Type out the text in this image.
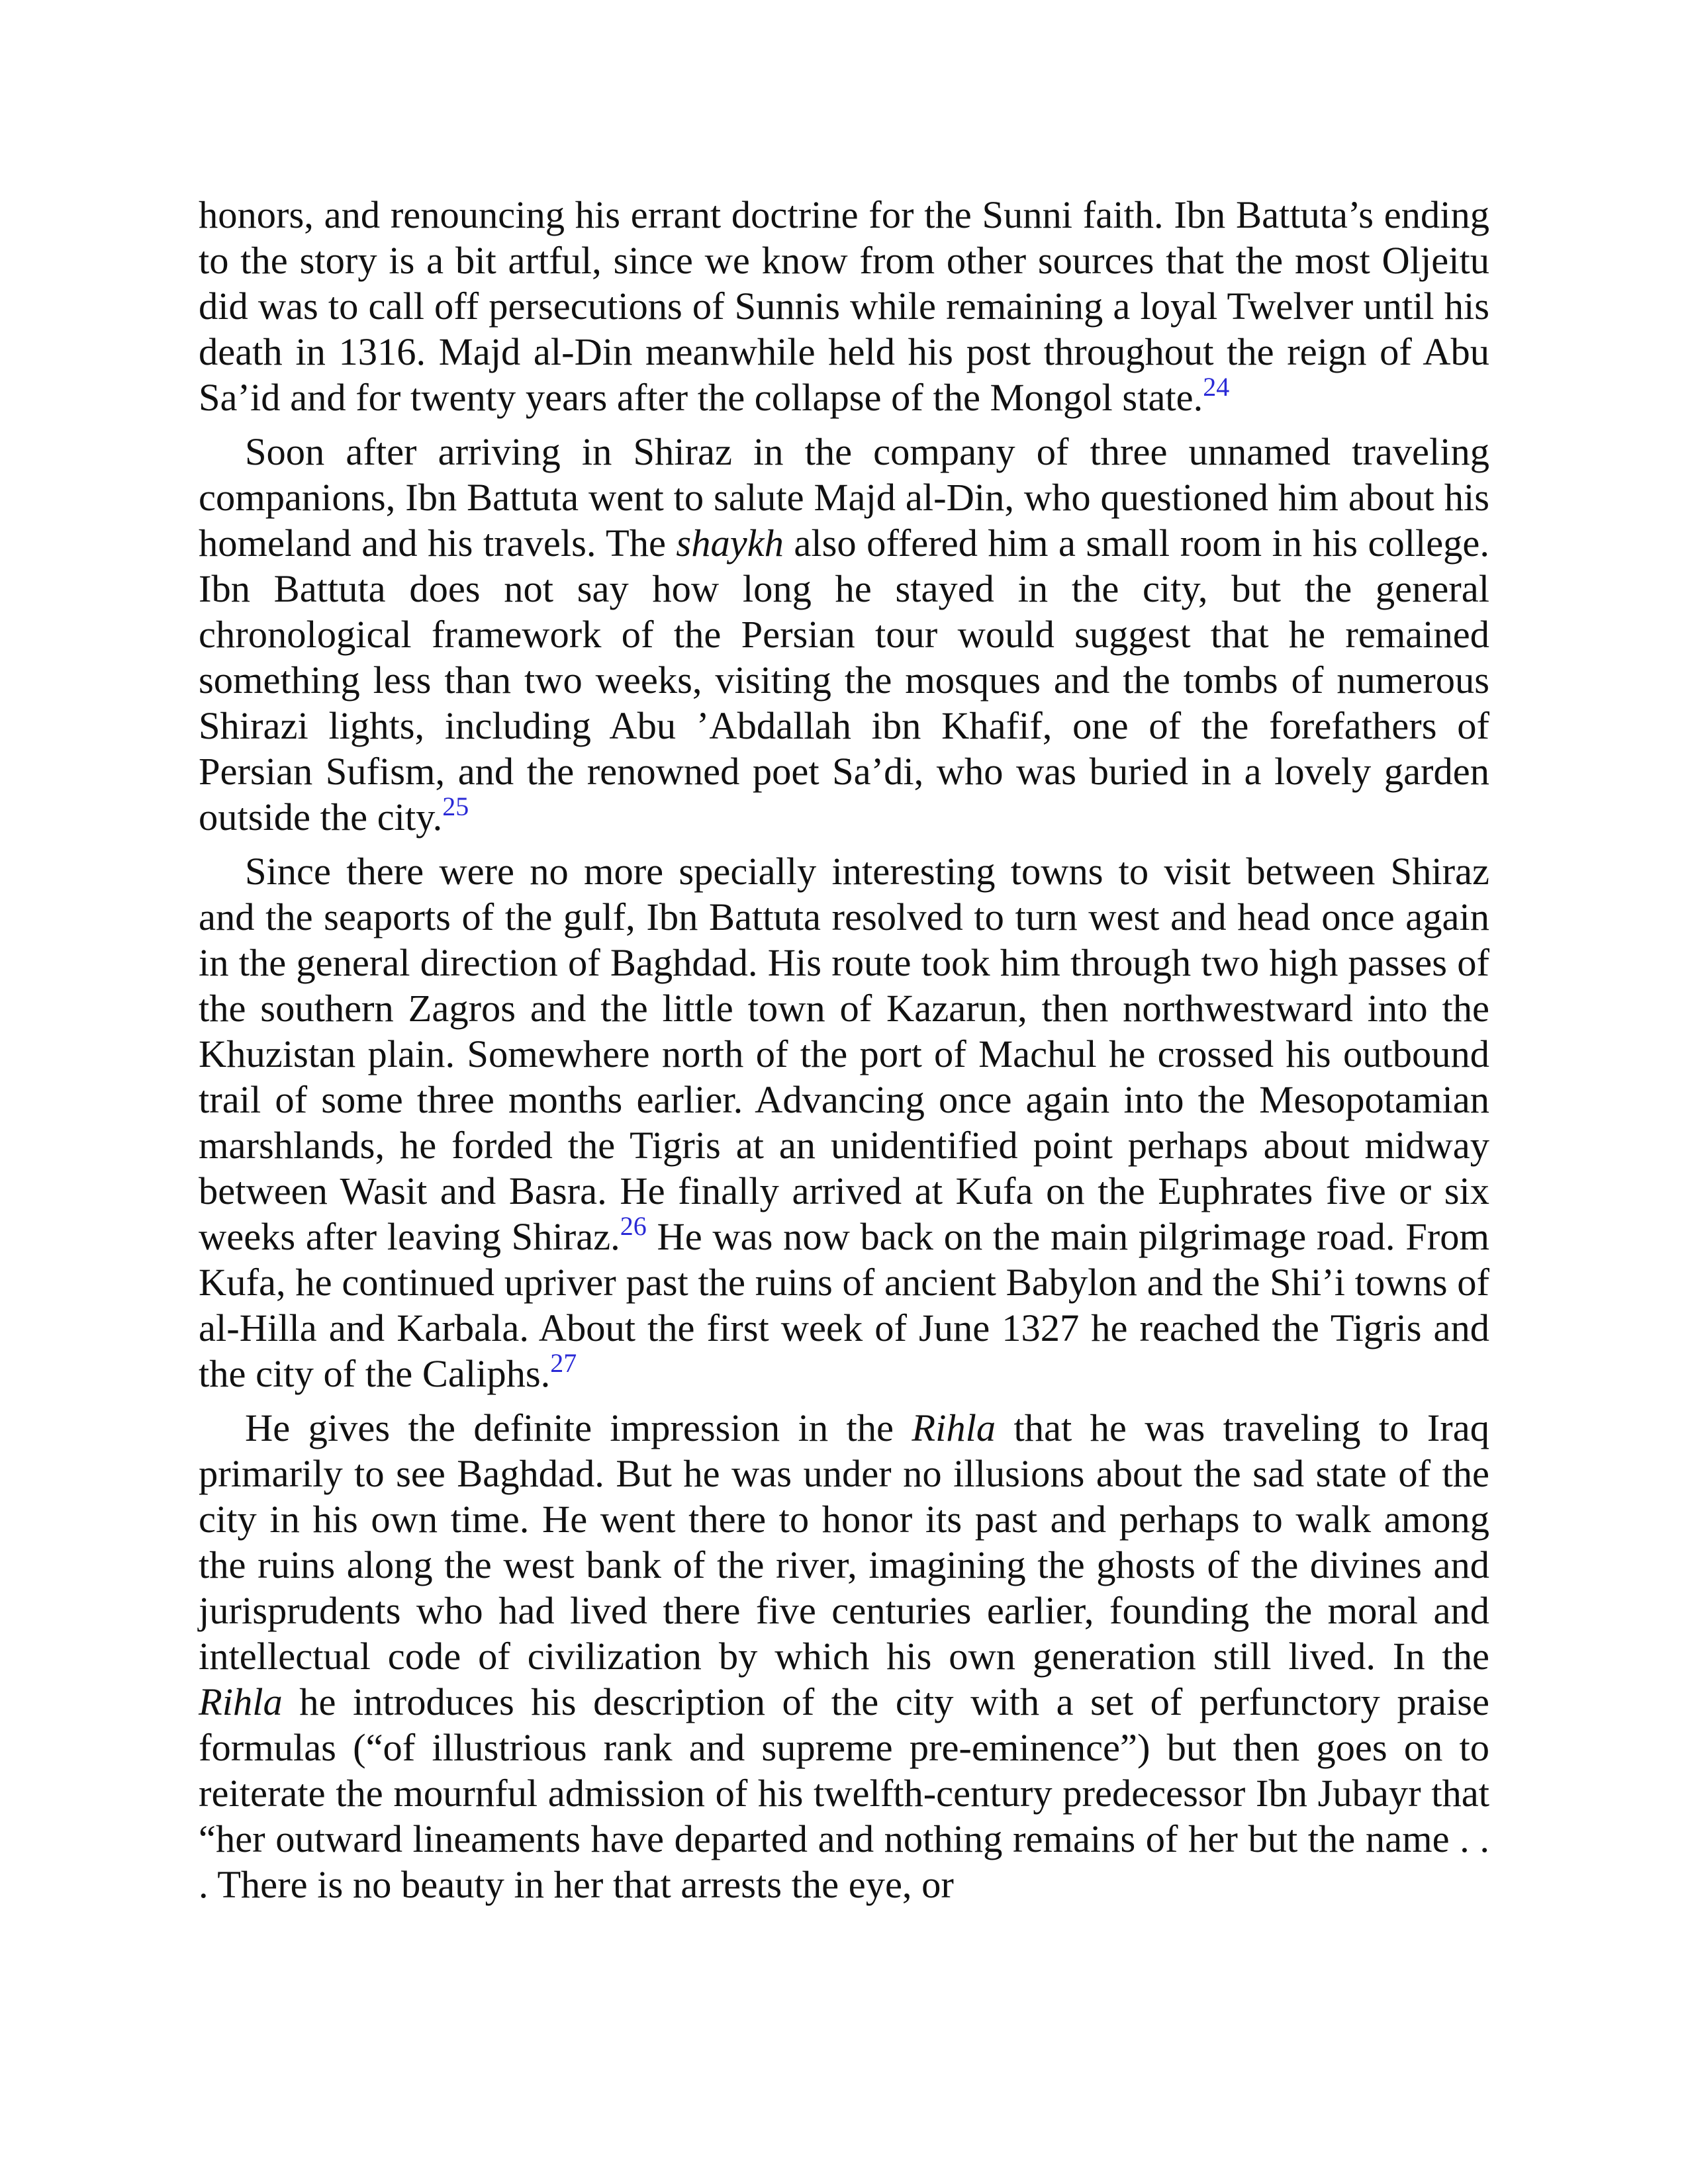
honors, and renouncing his errant doctrine for the Sunni faith. Ibn Battuta’s ending to the story is a bit artful, since we know from other sources that the most Oljeitu did was to call off persecutions of Sunnis while remaining a loyal Twelver until his death in 1316. Majd al-Din meanwhile held his post throughout the reign of Abu Sa’id and for twenty years after the collapse of the Mongol state.$^{24}$

Soon after arriving in Shiraz in the company of three unnamed traveling companions, Ibn Battuta went to salute Majd al-Din, who questioned him about his homeland and his travels. The shaykh also offered him a small room in his college. Ibn Battuta does not say how long he stayed in the city, but the general chronological framework of the Persian tour would suggest that he remained something less than two weeks, visiting the mosques and the tombs of numerous Shirazi lights, including Abu ’Abdallah ibn Khafif, one of the forefathers of Persian Sufism, and the renowned poet Sa’di, who was buried in a lovely garden outside the city.$^{25}$

Since there were no more specially interesting towns to visit between Shiraz and the seaports of the gulf, Ibn Battuta resolved to turn west and head once again in the general direction of Baghdad. His route took him through two high passes of the southern Zagros and the little town of Kazarun, then northwestward into the Khuzistan plain. Somewhere north of the port of Machul he crossed his outbound trail of some three months earlier. Advancing once again into the Mesopotamian marshlands, he forded the Tigris at an unidentified point perhaps about midway between Wasit and Basra. He finally arrived at Kufa on the Euphrates five or six weeks after leaving Shiraz.$^{26}$ He was now back on the main pilgrimage road. From Kufa, he continued upriver past the ruins of ancient Babylon and the Shi’i towns of al-Hilla and Karbala. About the first week of June 1327 he reached the Tigris and the city of the Caliphs.$^{27}$

He gives the definite impression in the Rihla that he was traveling to Iraq primarily to see Baghdad. But he was under no illusions about the sad state of the city in his own time. He went there to honor its past and perhaps to walk among the ruins along the west bank of the river, imagining the ghosts of the divines and jurisprudents who had lived there five centuries earlier, founding the moral and intellectual code of civilization by which his own generation still lived. In the Rihla he introduces his description of the city with a set of perfunctory praise formulas (“of illustrious rank and supreme pre-eminence”) but then goes on to reiterate the mournful admission of his twelfth-century predecessor Ibn Jubayr that “her outward lineaments have departed and nothing remains of her but the name . . . There is no beauty in her that arrests the eye, or
